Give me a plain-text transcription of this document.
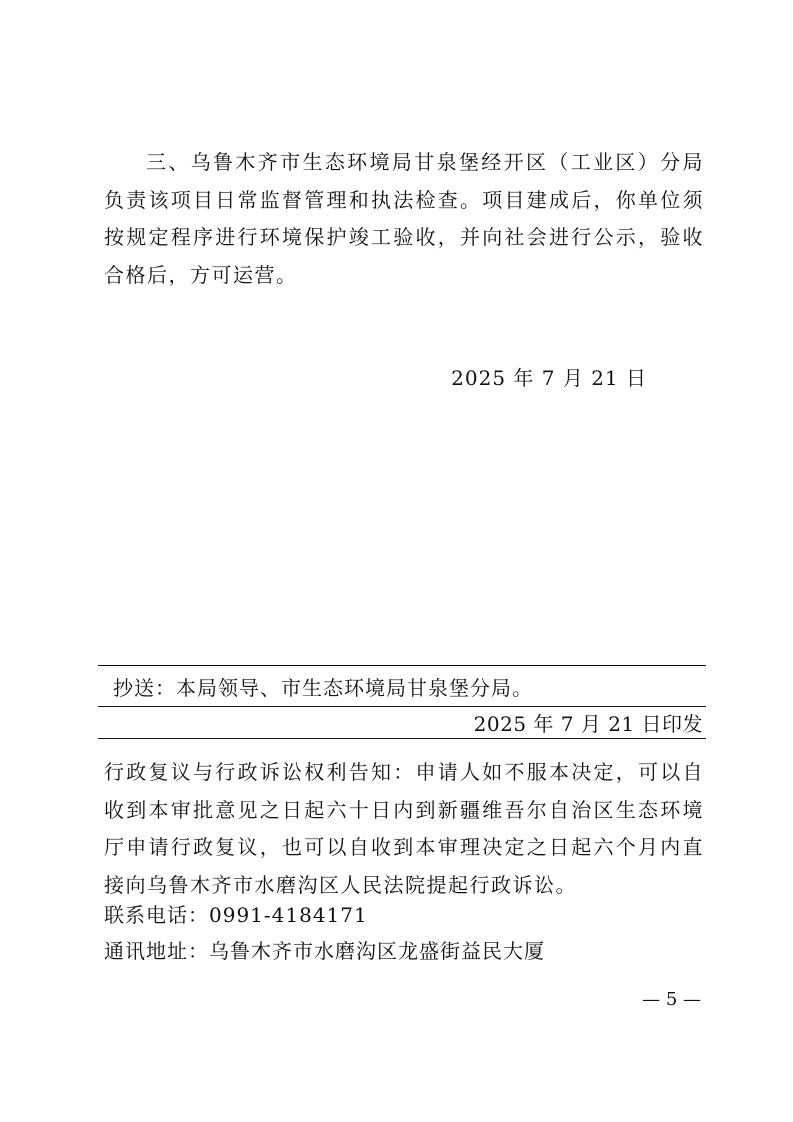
三、乌鲁木齐市生态环境局甘泉堡经开区（工业区）分局负责该项目日常监督管理和执法检查。项目建成后，你单位须按规定程序进行环境保护竣工验收，并向社会进行公示，验收合格后，方可运营。

2025 年 7 月 21 日
抄送：本局领导、市生态环境局甘泉堡分局。
2025 年 7 月 21 日印发

行政复议与行政诉讼权利告知：申请人如不服本决定，可以自收到本审批意见之日起六十日内到新疆维吾尔自治区生态环境厅申请行政复议，也可以自收到本审理决定之日起六个月内直接向乌鲁木齐市水磨沟区人民法院提起行政诉讼。

联系电话：0991-4184171
通讯地址：乌鲁木齐市水磨沟区龙盛街益民大厦
— 5 —
